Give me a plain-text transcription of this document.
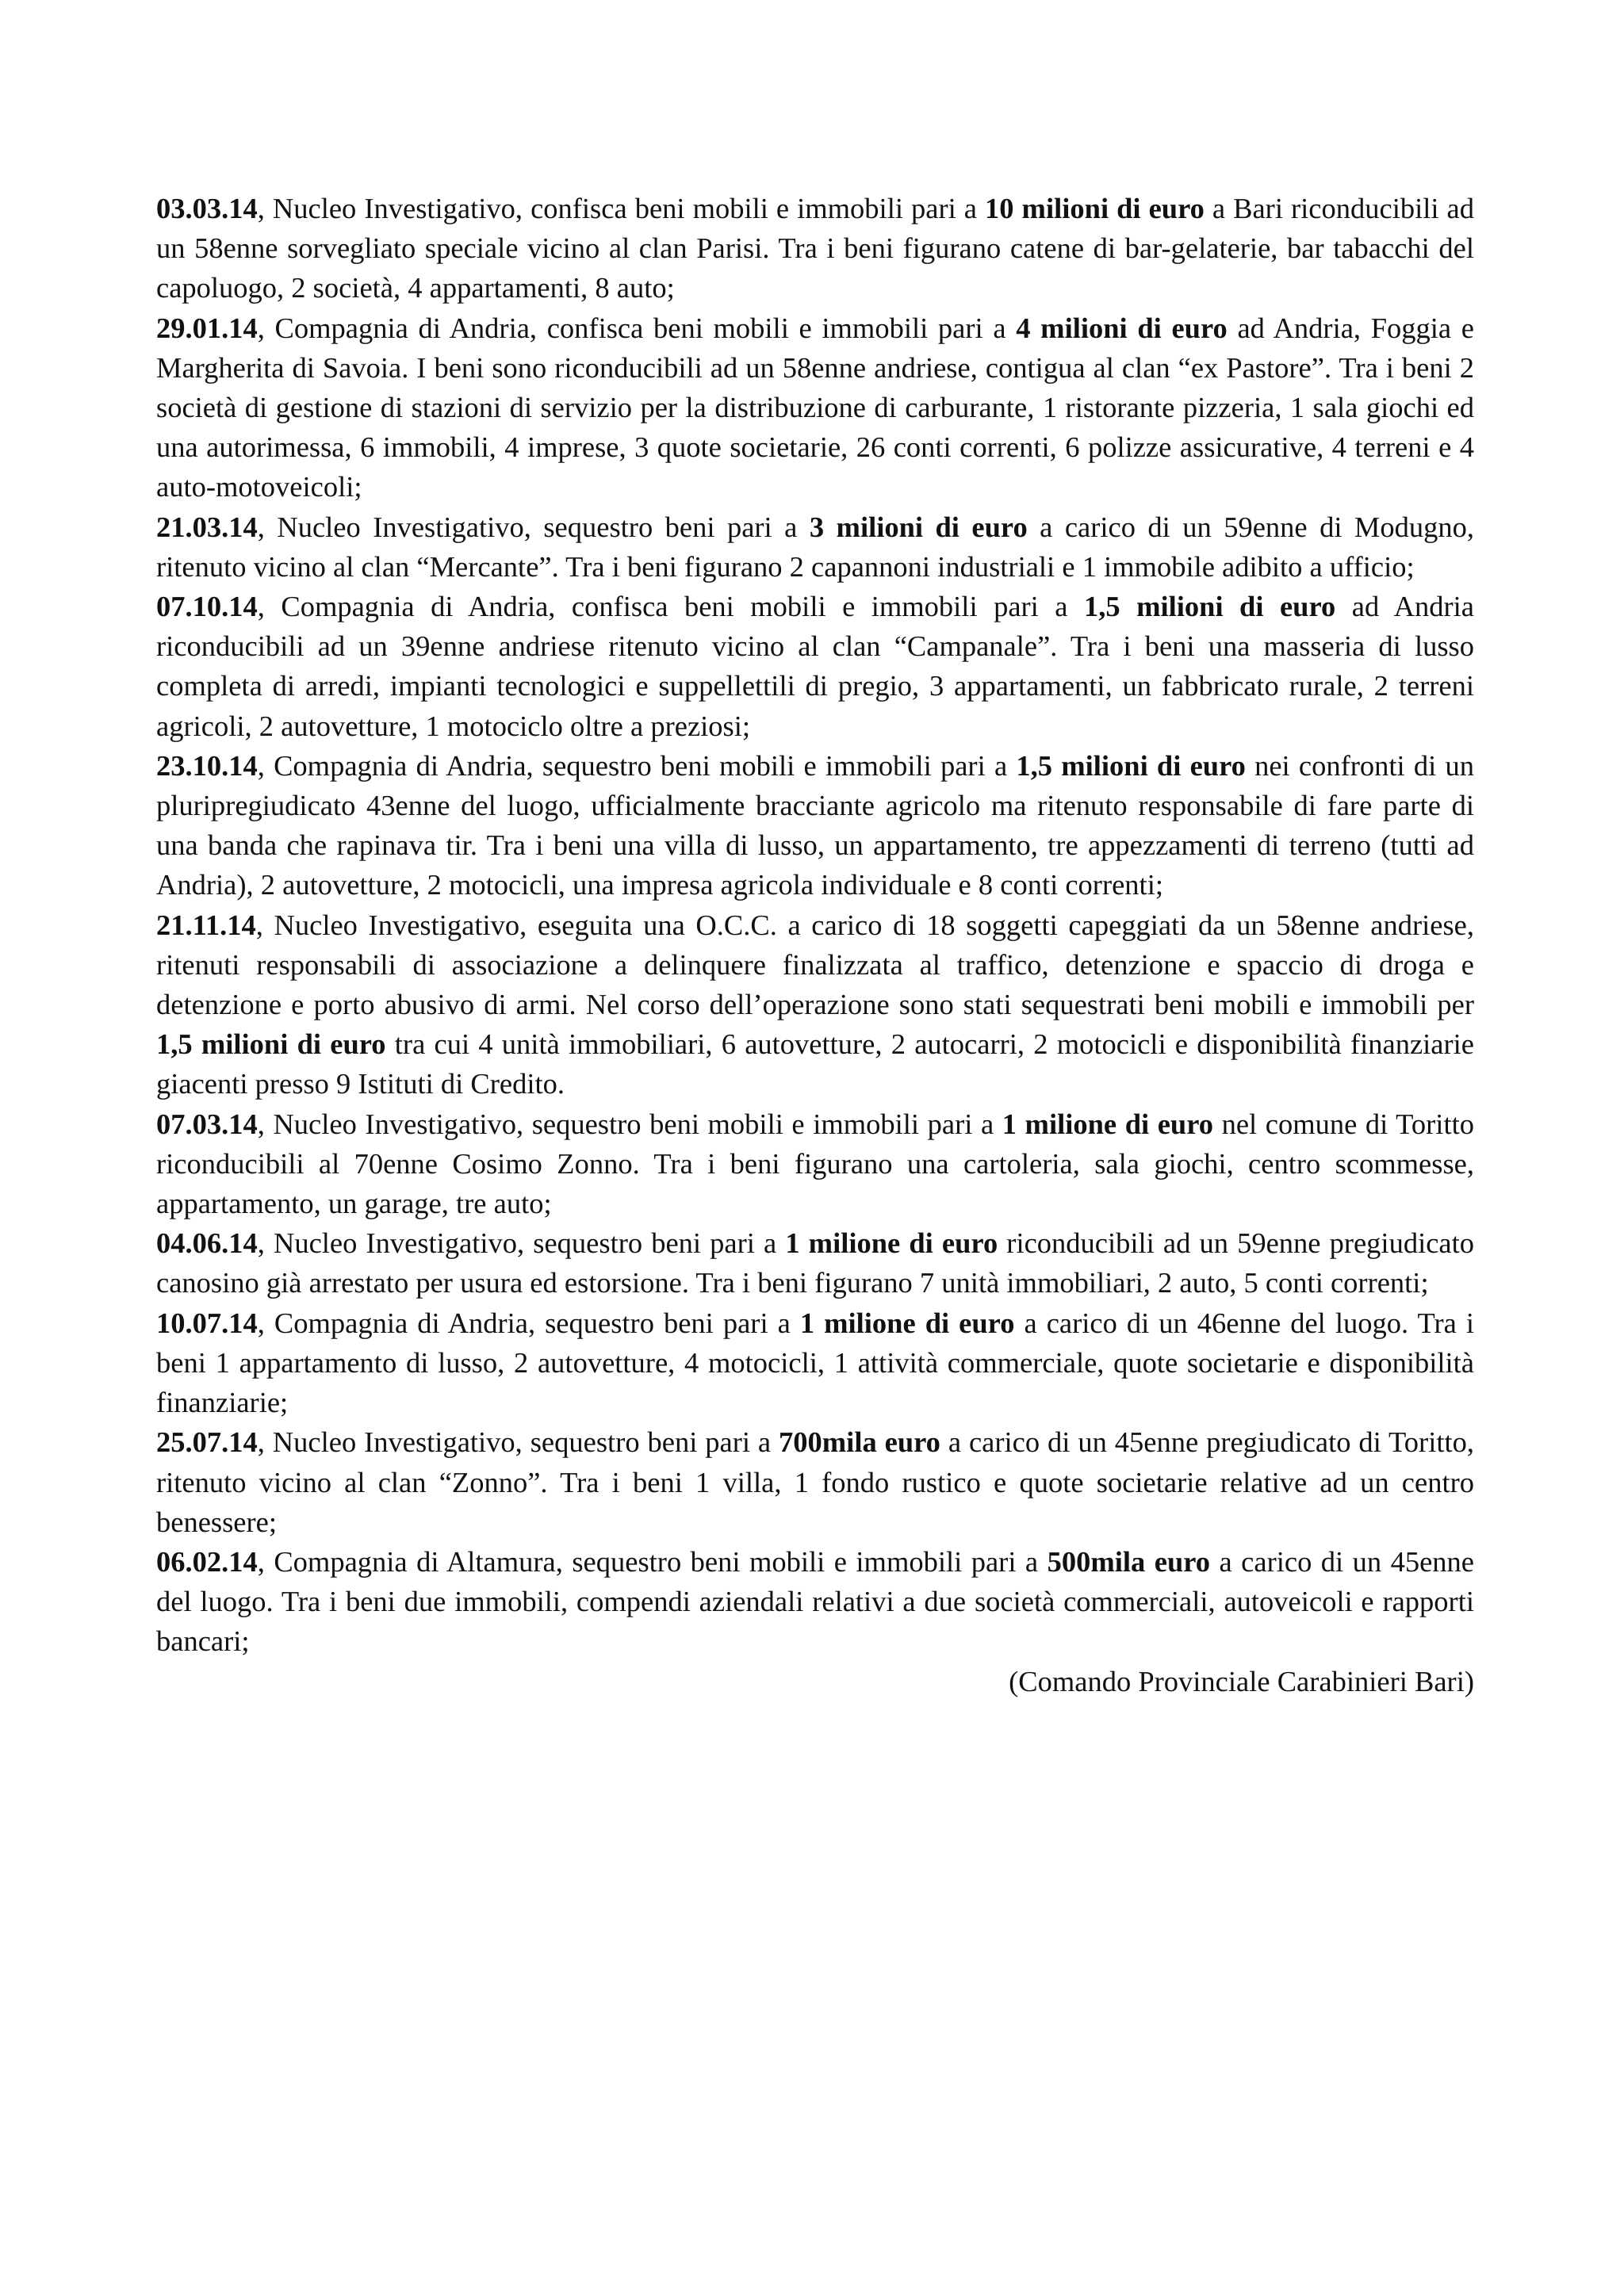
03.03.14, Nucleo Investigativo, confisca beni mobili e immobili pari a 10 milioni di euro a Bari riconducibili ad un 58enne sorvegliato speciale vicino al clan Parisi. Tra i beni figurano catene di bar-gelaterie, bar tabacchi del capoluogo, 2 società, 4 appartamenti, 8 auto;

29.01.14, Compagnia di Andria, confisca beni mobili e immobili pari a 4 milioni di euro ad Andria, Foggia e Margherita di Savoia. I beni sono riconducibili ad un 58enne andriese, contigua al clan “ex Pastore”. Tra i beni 2 società di gestione di stazioni di servizio per la distribuzione di carburante, 1 ristorante pizzeria, 1 sala giochi ed una autorimessa, 6 immobili, 4 imprese, 3 quote societarie, 26 conti correnti, 6 polizze assicurative, 4 terreni e 4 auto-motoveicoli;

21.03.14, Nucleo Investigativo, sequestro beni pari a 3 milioni di euro a carico di un 59enne di Modugno, ritenuto vicino al clan “Mercante”. Tra i beni figurano 2 capannoni industriali e 1 immobile adibito a ufficio;

07.10.14, Compagnia di Andria, confisca beni mobili e immobili pari a 1,5 milioni di euro ad Andria riconducibili ad un 39enne andriese ritenuto vicino al clan “Campanale”. Tra i beni una masseria di lusso completa di arredi, impianti tecnologici e suppellettili di pregio, 3 appartamenti, un fabbricato rurale, 2 terreni agricoli, 2 autovetture, 1 motociclo oltre a preziosi;

23.10.14, Compagnia di Andria, sequestro beni mobili e immobili pari a 1,5 milioni di euro nei confronti di un pluripregiudicato 43enne del luogo, ufficialmente bracciante agricolo ma ritenuto responsabile di fare parte di una banda che rapinava tir. Tra i beni una villa di lusso, un appartamento, tre appezzamenti di terreno (tutti ad Andria), 2 autovetture, 2 motocicli, una impresa agricola individuale e 8 conti correnti;

21.11.14, Nucleo Investigativo, eseguita una O.C.C. a carico di 18 soggetti capeggiati da un 58enne andriese, ritenuti responsabili di associazione a delinquere finalizzata al traffico, detenzione e spaccio di droga e detenzione e porto abusivo di armi. Nel corso dell’operazione sono stati sequestrati beni mobili e immobili per 1,5 milioni di euro tra cui 4 unità immobiliari, 6 autovetture, 2 autocarri, 2 motocicli e disponibilità finanziarie giacenti presso 9 Istituti di Credito.

07.03.14, Nucleo Investigativo, sequestro beni mobili e immobili pari a 1 milione di euro nel comune di Toritto riconducibili al 70enne Cosimo Zonno. Tra i beni figurano una cartoleria, sala giochi, centro scommesse, appartamento, un garage, tre auto;

04.06.14, Nucleo Investigativo, sequestro beni pari a 1 milione di euro riconducibili ad un 59enne pregiudicato canosino già arrestato per usura ed estorsione. Tra i beni figurano 7 unità immobiliari, 2 auto, 5 conti correnti;

10.07.14, Compagnia di Andria, sequestro beni pari a 1 milione di euro a carico di un 46enne del luogo. Tra i beni 1 appartamento di lusso, 2 autovetture, 4 motocicli, 1 attività commerciale, quote societarie e disponibilità finanziarie;

25.07.14, Nucleo Investigativo, sequestro beni pari a 700mila euro a carico di un 45enne pregiudicato di Toritto, ritenuto vicino al clan “Zonno”. Tra i beni 1 villa, 1 fondo rustico e quote societarie relative ad un centro benessere;

06.02.14, Compagnia di Altamura, sequestro beni mobili e immobili pari a 500mila euro a carico di un 45enne del luogo. Tra i beni due immobili, compendi aziendali relativi a due società commerciali, autoveicoli e rapporti bancari;

(Comando Provinciale Carabinieri Bari)
